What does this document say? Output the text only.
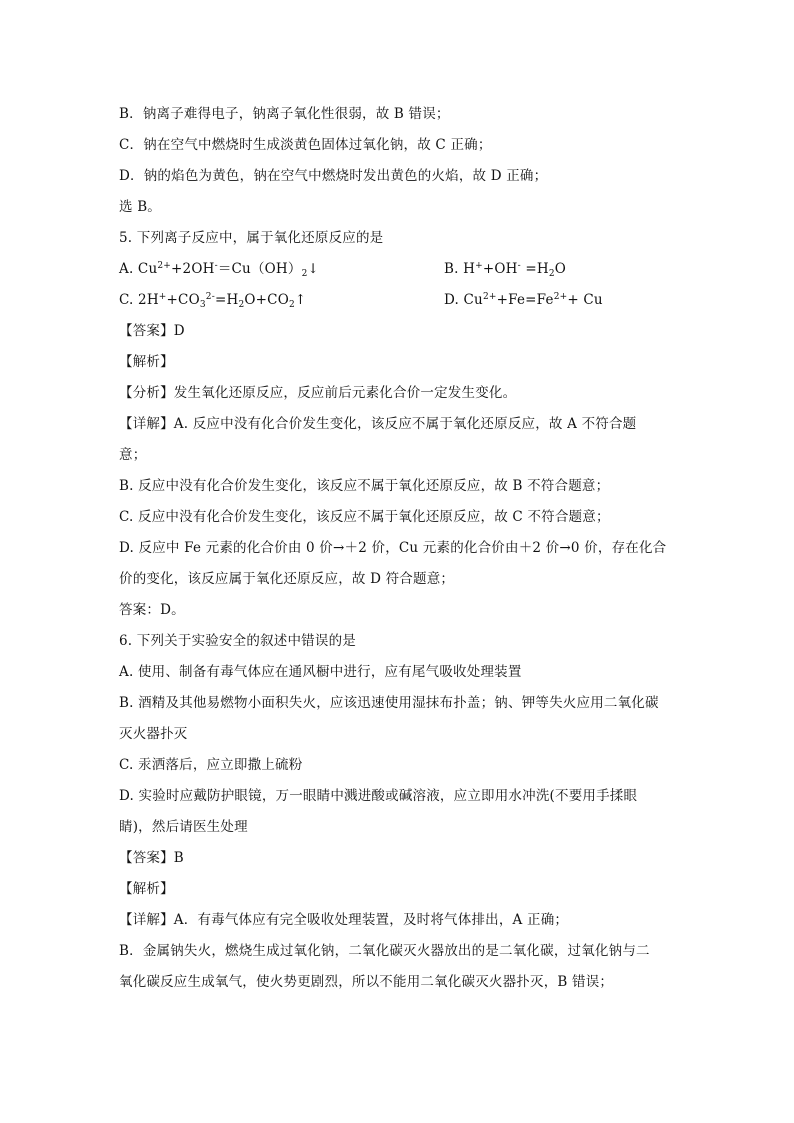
B．钠离子难得电子，钠离子氧化性很弱，故 B 错误；
C．钠在空气中燃烧时生成淡黄色固体过氧化钠，故 C 正确；
D．钠的焰色为黄色，钠在空气中燃烧时发出黄色的火焰，故 D 正确；
选 B。
5. 下列离子反应中，属于氧化还原反应的是
A. $Cu^{2+}+2OH^-=Cu(OH)_2↓$	B. $H^++OH^- =H_2O$
C. $2H^++CO_3^{2-}=H_2O+CO_2↑$	D. $Cu^{2+}+Fe=Fe^{2+}+ Cu$
【答案】D
【解析】
【分析】发生氧化还原反应，反应前后元素化合价一定发生变化。
【详解】A. 反应中没有化合价发生变化，该反应不属于氧化还原反应，故 A 不符合题
意；
B. 反应中没有化合价发生变化，该反应不属于氧化还原反应，故 B 不符合题意；
C. 反应中没有化合价发生变化，该反应不属于氧化还原反应，故 C 不符合题意；
D. 反应中 Fe 元素的化合价由 0 价→＋2 价，Cu 元素的化合价由＋2 价→0 价，存在化合
价的变化，该反应属于氧化还原反应，故 D 符合题意；
答案：D。
6. 下列关于实验安全的叙述中错误的是
A. 使用、制备有毒气体应在通风橱中进行，应有尾气吸收处理装置
B. 酒精及其他易燃物小面积失火，应该迅速使用湿抹布扑盖；钠、钾等失火应用二氧化碳
灭火器扑灭
C. 汞洒落后，应立即撒上硫粉
D. 实验时应戴防护眼镜，万一眼睛中溅进酸或碱溶液，应立即用水冲洗(不要用手揉眼
睛)，然后请医生处理
【答案】B
【解析】
【详解】A．有毒气体应有完全吸收处理装置，及时将气体排出，A 正确；
B．金属钠失火，燃烧生成过氧化钠，二氧化碳灭火器放出的是二氧化碳，过氧化钠与二
氧化碳反应生成氧气，使火势更剧烈，所以不能用二氧化碳灭火器扑灭，B 错误；
